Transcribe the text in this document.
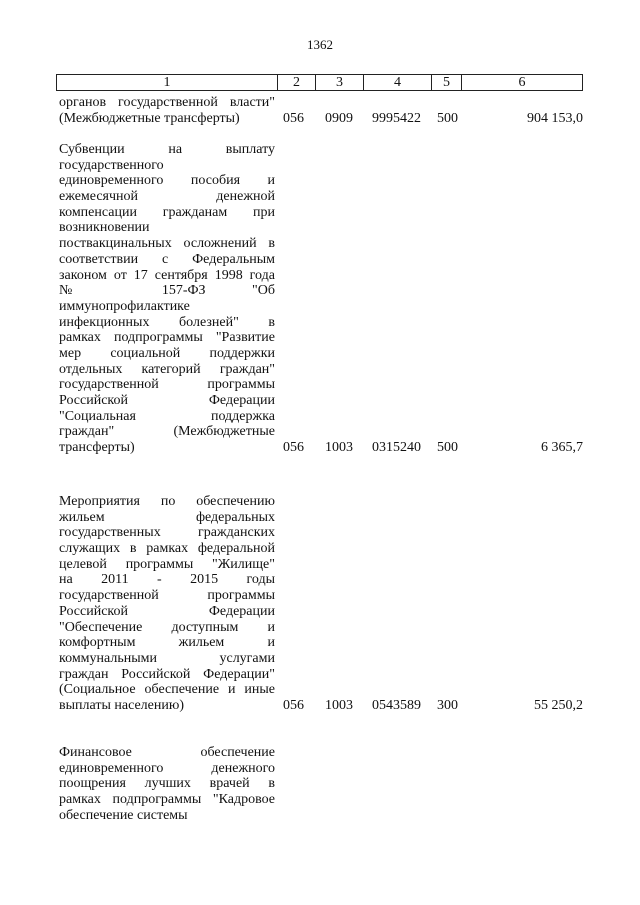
1362
1	2	3	4	5	6
органов государственной власти"
(Межбюджетные трансферты)	056 0909 9995422 500	904 153,0
Субвенции на выплату
государственного
единовременного пособия и
ежемесячной денежной
компенсации гражданам при
возникновении
поствакцинальных осложнений в
соответствии с Федеральным
законом от 17 сентября 1998 года
№ 157-ФЗ "Об
иммунопрофилактике
инфекционных болезней" в
рамках подпрограммы "Развитие
мер социальной поддержки
отдельных категорий граждан"
государственной программы
Российской Федерации
"Социальная поддержка
граждан" (Межбюджетные
трансферты)	056 1003 0315240 500	6 365,7
Мероприятия по обеспечению
жильем федеральных
государственных гражданских
служащих в рамках федеральной
целевой программы "Жилище"
на 2011 - 2015 годы
государственной программы
Российской Федерации
"Обеспечение доступным и
комфортным жильем и
коммунальными услугами
граждан Российской Федерации"
(Социальное обеспечение и иные
выплаты населению)	056 1003 0543589 300	55 250,2
Финансовое обеспечение
единовременного денежного
поощрения лучших врачей в
рамках подпрограммы "Кадровое
обеспечение системы
